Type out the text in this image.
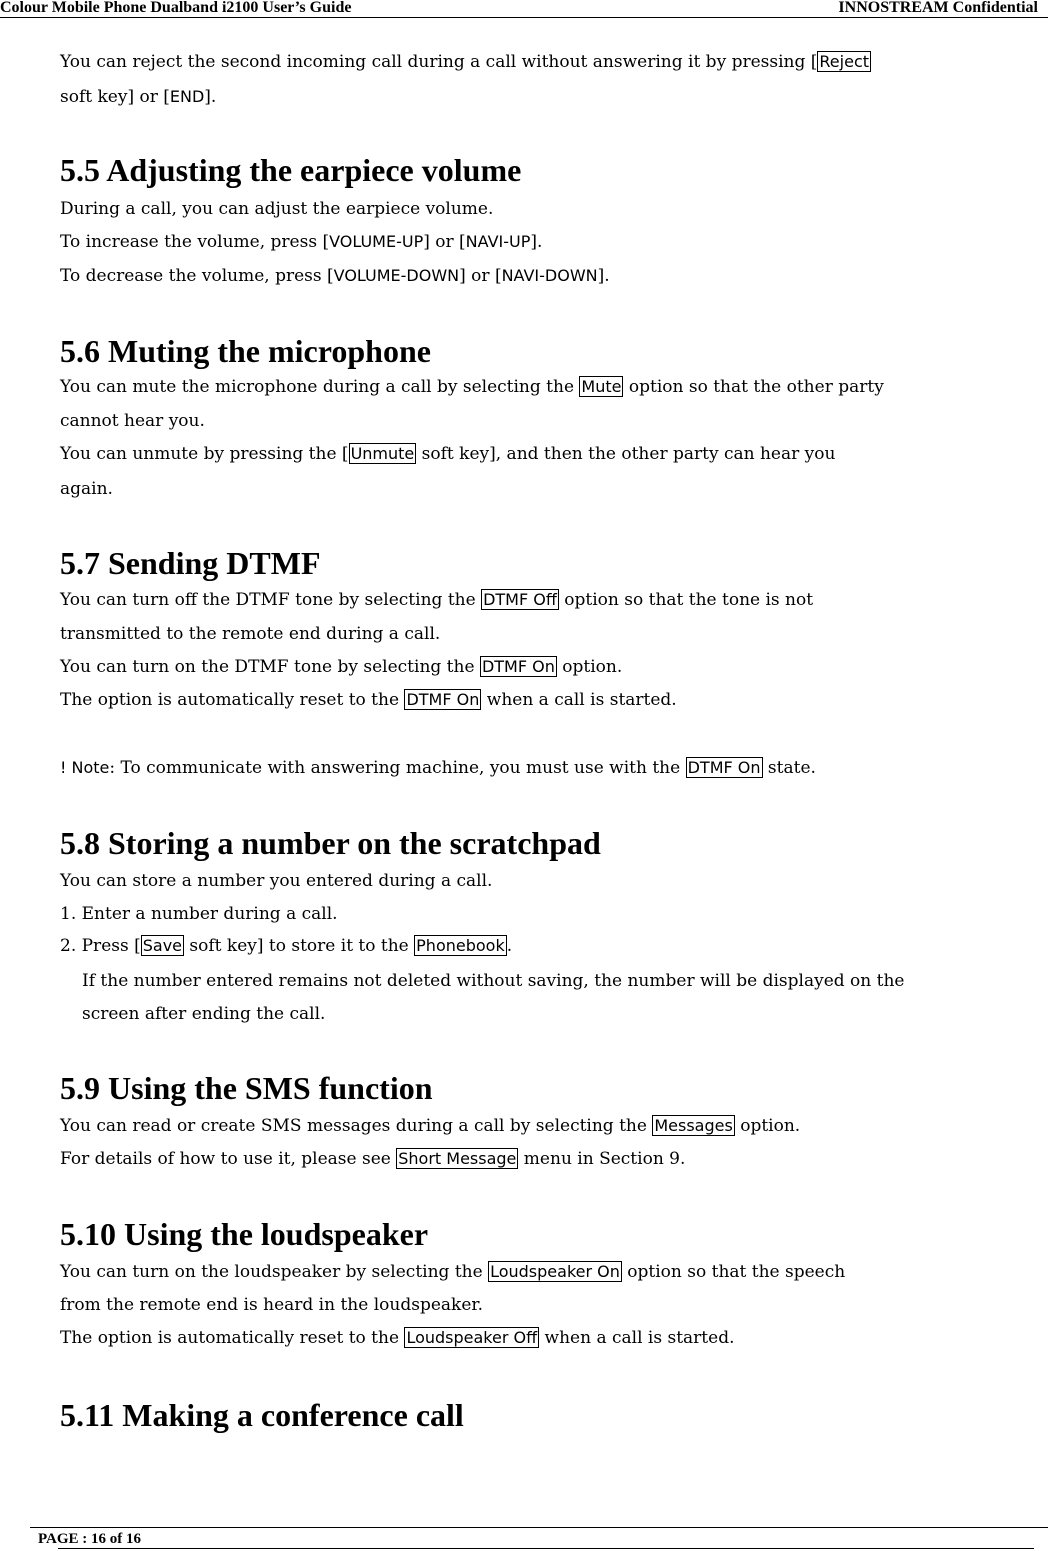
Colour Mobile Phone Dualband i2100 User’s Guide	INNOSTREAM Confidential
You can reject the second incoming call during a call without answering it by pressing [ Reject
soft key] or [END].
5.5 Adjusting the earpiece volume
During a call, you can adjust the earpiece volume.
To increase the volume, press [VOLUME-UP] or [NAVI-UP].
To decrease the volume, press [VOLUME-DOWN] or [NAVI-DOWN].
5.6 Muting the microphone
You can mute the microphone during a call by selecting the Mute option so that the other party
cannot hear you.
You can unmute by pressing the [ Unmute soft key], and then the other party can hear you
again.
5.7 Sending DTMF
You can turn off the DTMF tone by selecting the DTMF Off option so that the tone is not
transmitted to the remote end during a call.
You can turn on the DTMF tone by selecting the DTMF On option.
The option is automatically reset to the DTMF On when a call is started.
! Note: To communicate with answering machine, you must use with the DTMF On state.
5.8 Storing a number on the scratchpad
You can store a number you entered during a call.
1. Enter a number during a call.
2. Press [ Save soft key] to store it to the Phonebook .
If the number entered remains not deleted without saving, the number will be displayed on the
screen after ending the call.
5.9 Using the SMS function
You can read or create SMS messages during a call by selecting the Messages option.
For details of how to use it, please see Short Message menu in Section 9.
5.10 Using the loudspeaker
You can turn on the loudspeaker by selecting the Loudspeaker On option so that the speech
from the remote end is heard in the loudspeaker.
The option is automatically reset to the Loudspeaker Off when a call is started.
5.11 Making a conference call
PAGE : 16 of 16
